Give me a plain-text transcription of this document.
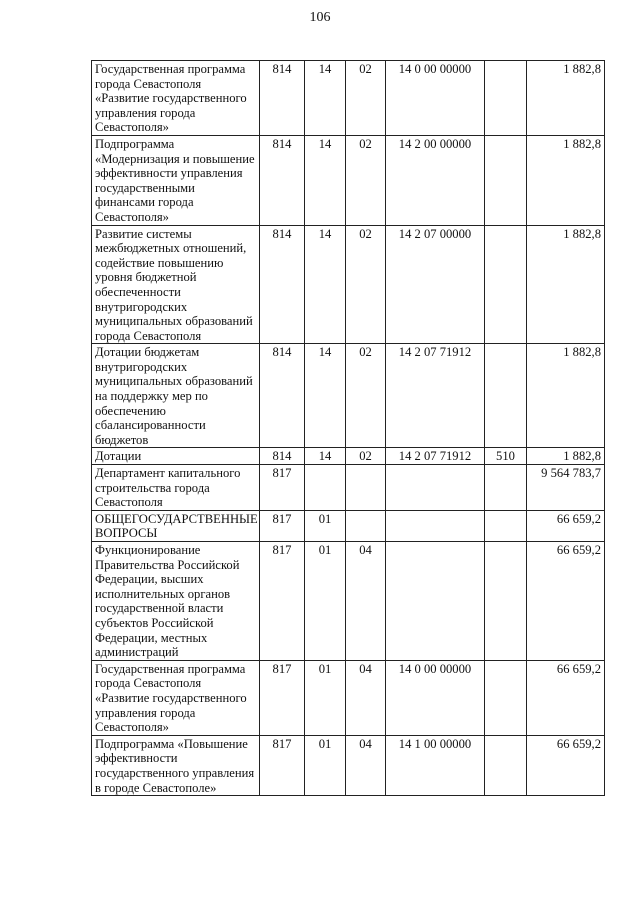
106
Государственная программа города Севастополя «Развитие государственного управления города Севастополя»	814	14	02	14 0 00 00000		1 882,8
Подпрограмма «Модернизация и повышение эффективности управления государственными финансами города Севастополя»	814	14	02	14 2 00 00000		1 882,8
Развитие системы межбюджетных отношений, содействие повышению уровня бюджетной обеспеченности внутригородских муниципальных образований города Севастополя	814	14	02	14 2 07 00000		1 882,8
Дотации бюджетам внутригородских муниципальных образований на поддержку мер по обеспечению сбалансированности бюджетов	814	14	02	14 2 07 71912		1 882,8
Дотации	814	14	02	14 2 07 71912	510	1 882,8
Департамент капитального строительства города Севастополя	817					9 564 783,7
ОБЩЕГОСУДАРСТВЕННЫЕ ВОПРОСЫ	817	01				66 659,2
Функционирование Правительства Российской Федерации, высших исполнительных органов государственной власти субъектов Российской Федерации, местных администраций	817	01	04			66 659,2
Государственная программа города Севастополя «Развитие государственного управления города Севастополя»	817	01	04	14 0 00 00000		66 659,2
Подпрограмма «Повышение эффективности государственного управления в городе Севастополе»	817	01	04	14 1 00 00000		66 659,2
